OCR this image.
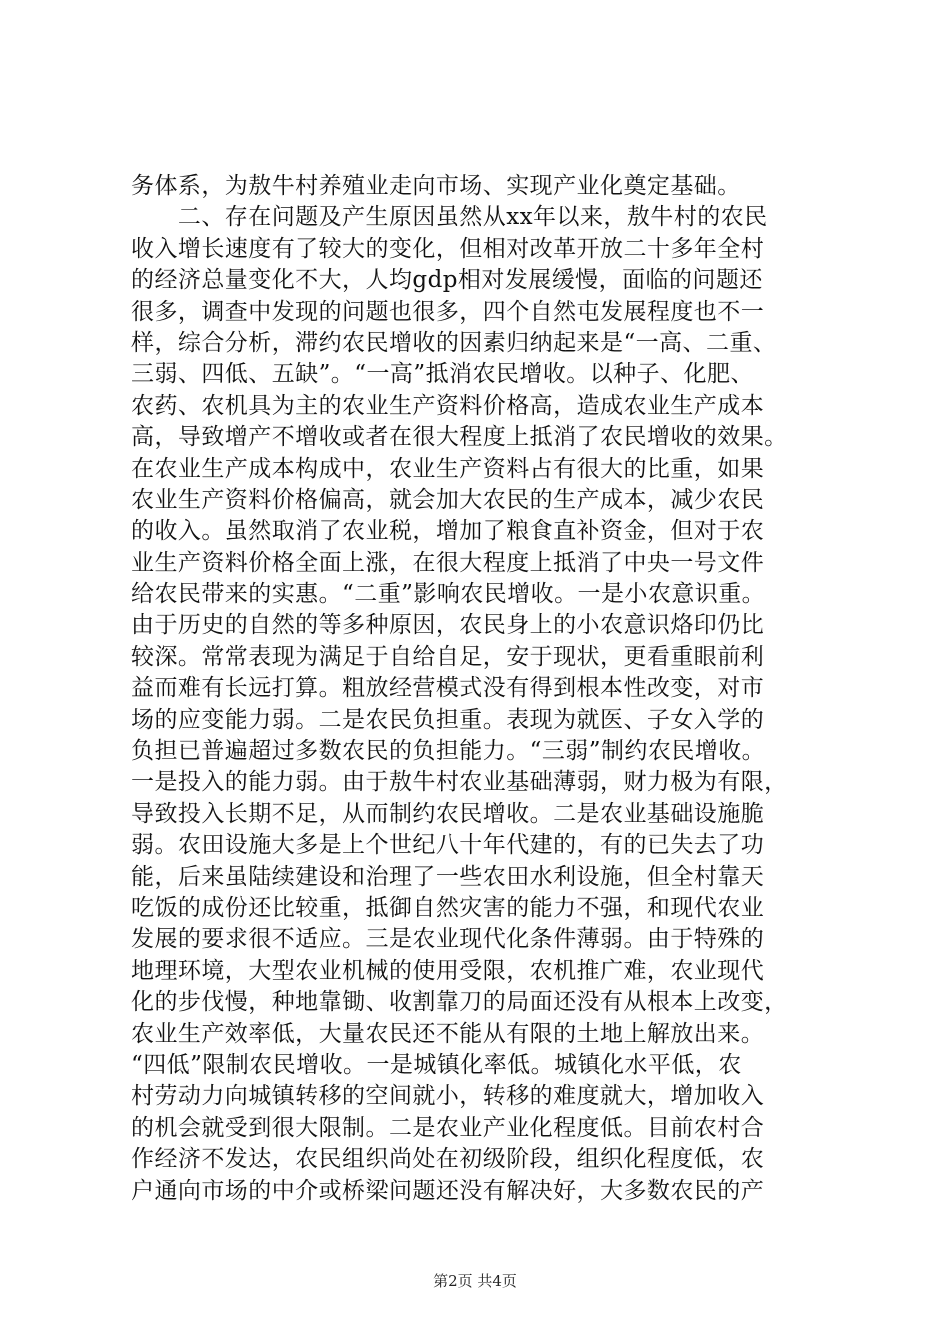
务体系，为敖牛村养殖业走向市场、实现产业化奠定基础。
　　二、存在问题及产生原因虽然从xx年以来，敖牛村的农民
收入增长速度有了较大的变化，但相对改革开放二十多年全村
的经济总量变化不大，人均gdp相对发展缓慢，面临的问题还
很多，调查中发现的问题也很多，四个自然屯发展程度也不一
样，综合分析，滞约农民增收的因素归纳起来是“一高、二重、
三弱、四低、五缺”。“一高”抵消农民增收。以种子、化肥、
农药、农机具为主的农业生产资料价格高，造成农业生产成本
高，导致增产不增收或者在很大程度上抵消了农民增收的效果。
在农业生产成本构成中，农业生产资料占有很大的比重，如果
农业生产资料价格偏高，就会加大农民的生产成本，减少农民
的收入。虽然取消了农业税，增加了粮食直补资金，但对于农
业生产资料价格全面上涨，在很大程度上抵消了中央一号文件
给农民带来的实惠。“二重”影响农民增收。一是小农意识重。
由于历史的自然的等多种原因，农民身上的小农意识烙印仍比
较深。常常表现为满足于自给自足，安于现状，更看重眼前利
益而难有长远打算。粗放经营模式没有得到根本性改变，对市
场的应变能力弱。二是农民负担重。表现为就医、子女入学的
负担已普遍超过多数农民的负担能力。“三弱”制约农民增收。
一是投入的能力弱。由于敖牛村农业基础薄弱，财力极为有限，
导致投入长期不足，从而制约农民增收。二是农业基础设施脆
弱。农田设施大多是上个世纪八十年代建的，有的已失去了功
能，后来虽陆续建设和治理了一些农田水利设施，但全村靠天
吃饭的成份还比较重，抵御自然灾害的能力不强，和现代农业
发展的要求很不适应。三是农业现代化条件薄弱。由于特殊的
地理环境，大型农业机械的使用受限，农机推广难，农业现代
化的步伐慢，种地靠锄、收割靠刀的局面还没有从根本上改变，
农业生产效率低，大量农民还不能从有限的土地上解放出来。
“四低”限制农民增收。一是城镇化率低。城镇化水平低，农
村劳动力向城镇转移的空间就小，转移的难度就大，增加收入
的机会就受到很大限制。二是农业产业化程度低。目前农村合
作经济不发达，农民组织尚处在初级阶段，组织化程度低，农
户通向市场的中介或桥梁问题还没有解决好，大多数农民的产
第2页 共4页
